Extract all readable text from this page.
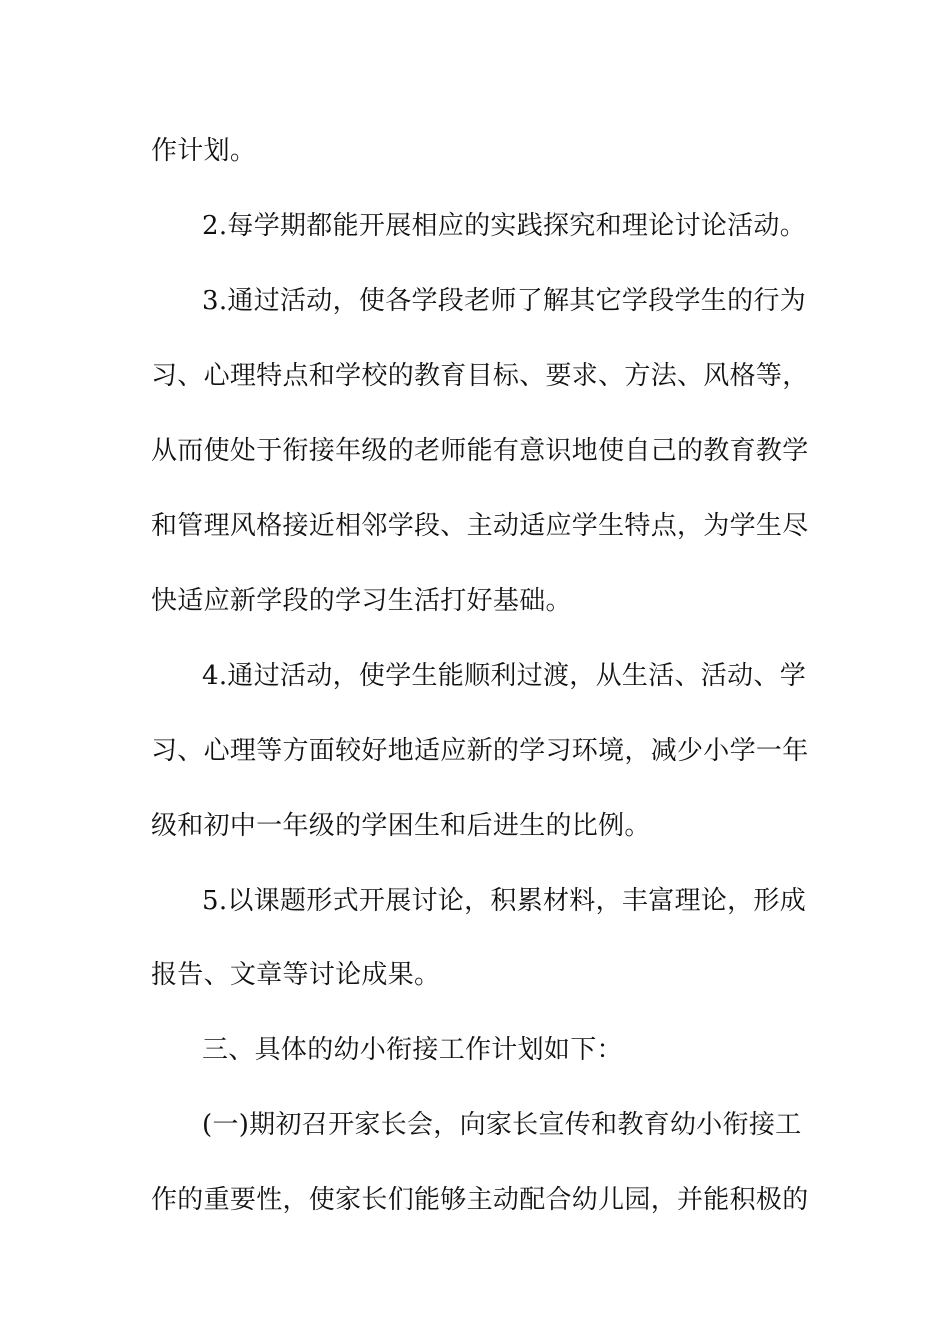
作计划。
2.每学期都能开展相应的实践探究和理论讨论活动。
3.通过活动，使各学段老师了解其它学段学生的行为
习、心理特点和学校的教育目标、要求、方法、风格等，
从而使处于衔接年级的老师能有意识地使自己的教育教学
和管理风格接近相邻学段、主动适应学生特点，为学生尽
快适应新学段的学习生活打好基础。
4.通过活动，使学生能顺利过渡，从生活、活动、学
习、心理等方面较好地适应新的学习环境，减少小学一年
级和初中一年级的学困生和后进生的比例。
5.以课题形式开展讨论，积累材料，丰富理论，形成
报告、文章等讨论成果。
三、具体的幼小衔接工作计划如下：
(一)期初召开家长会，向家长宣传和教育幼小衔接工
作的重要性，使家长们能够主动配合幼儿园，并能积极的
